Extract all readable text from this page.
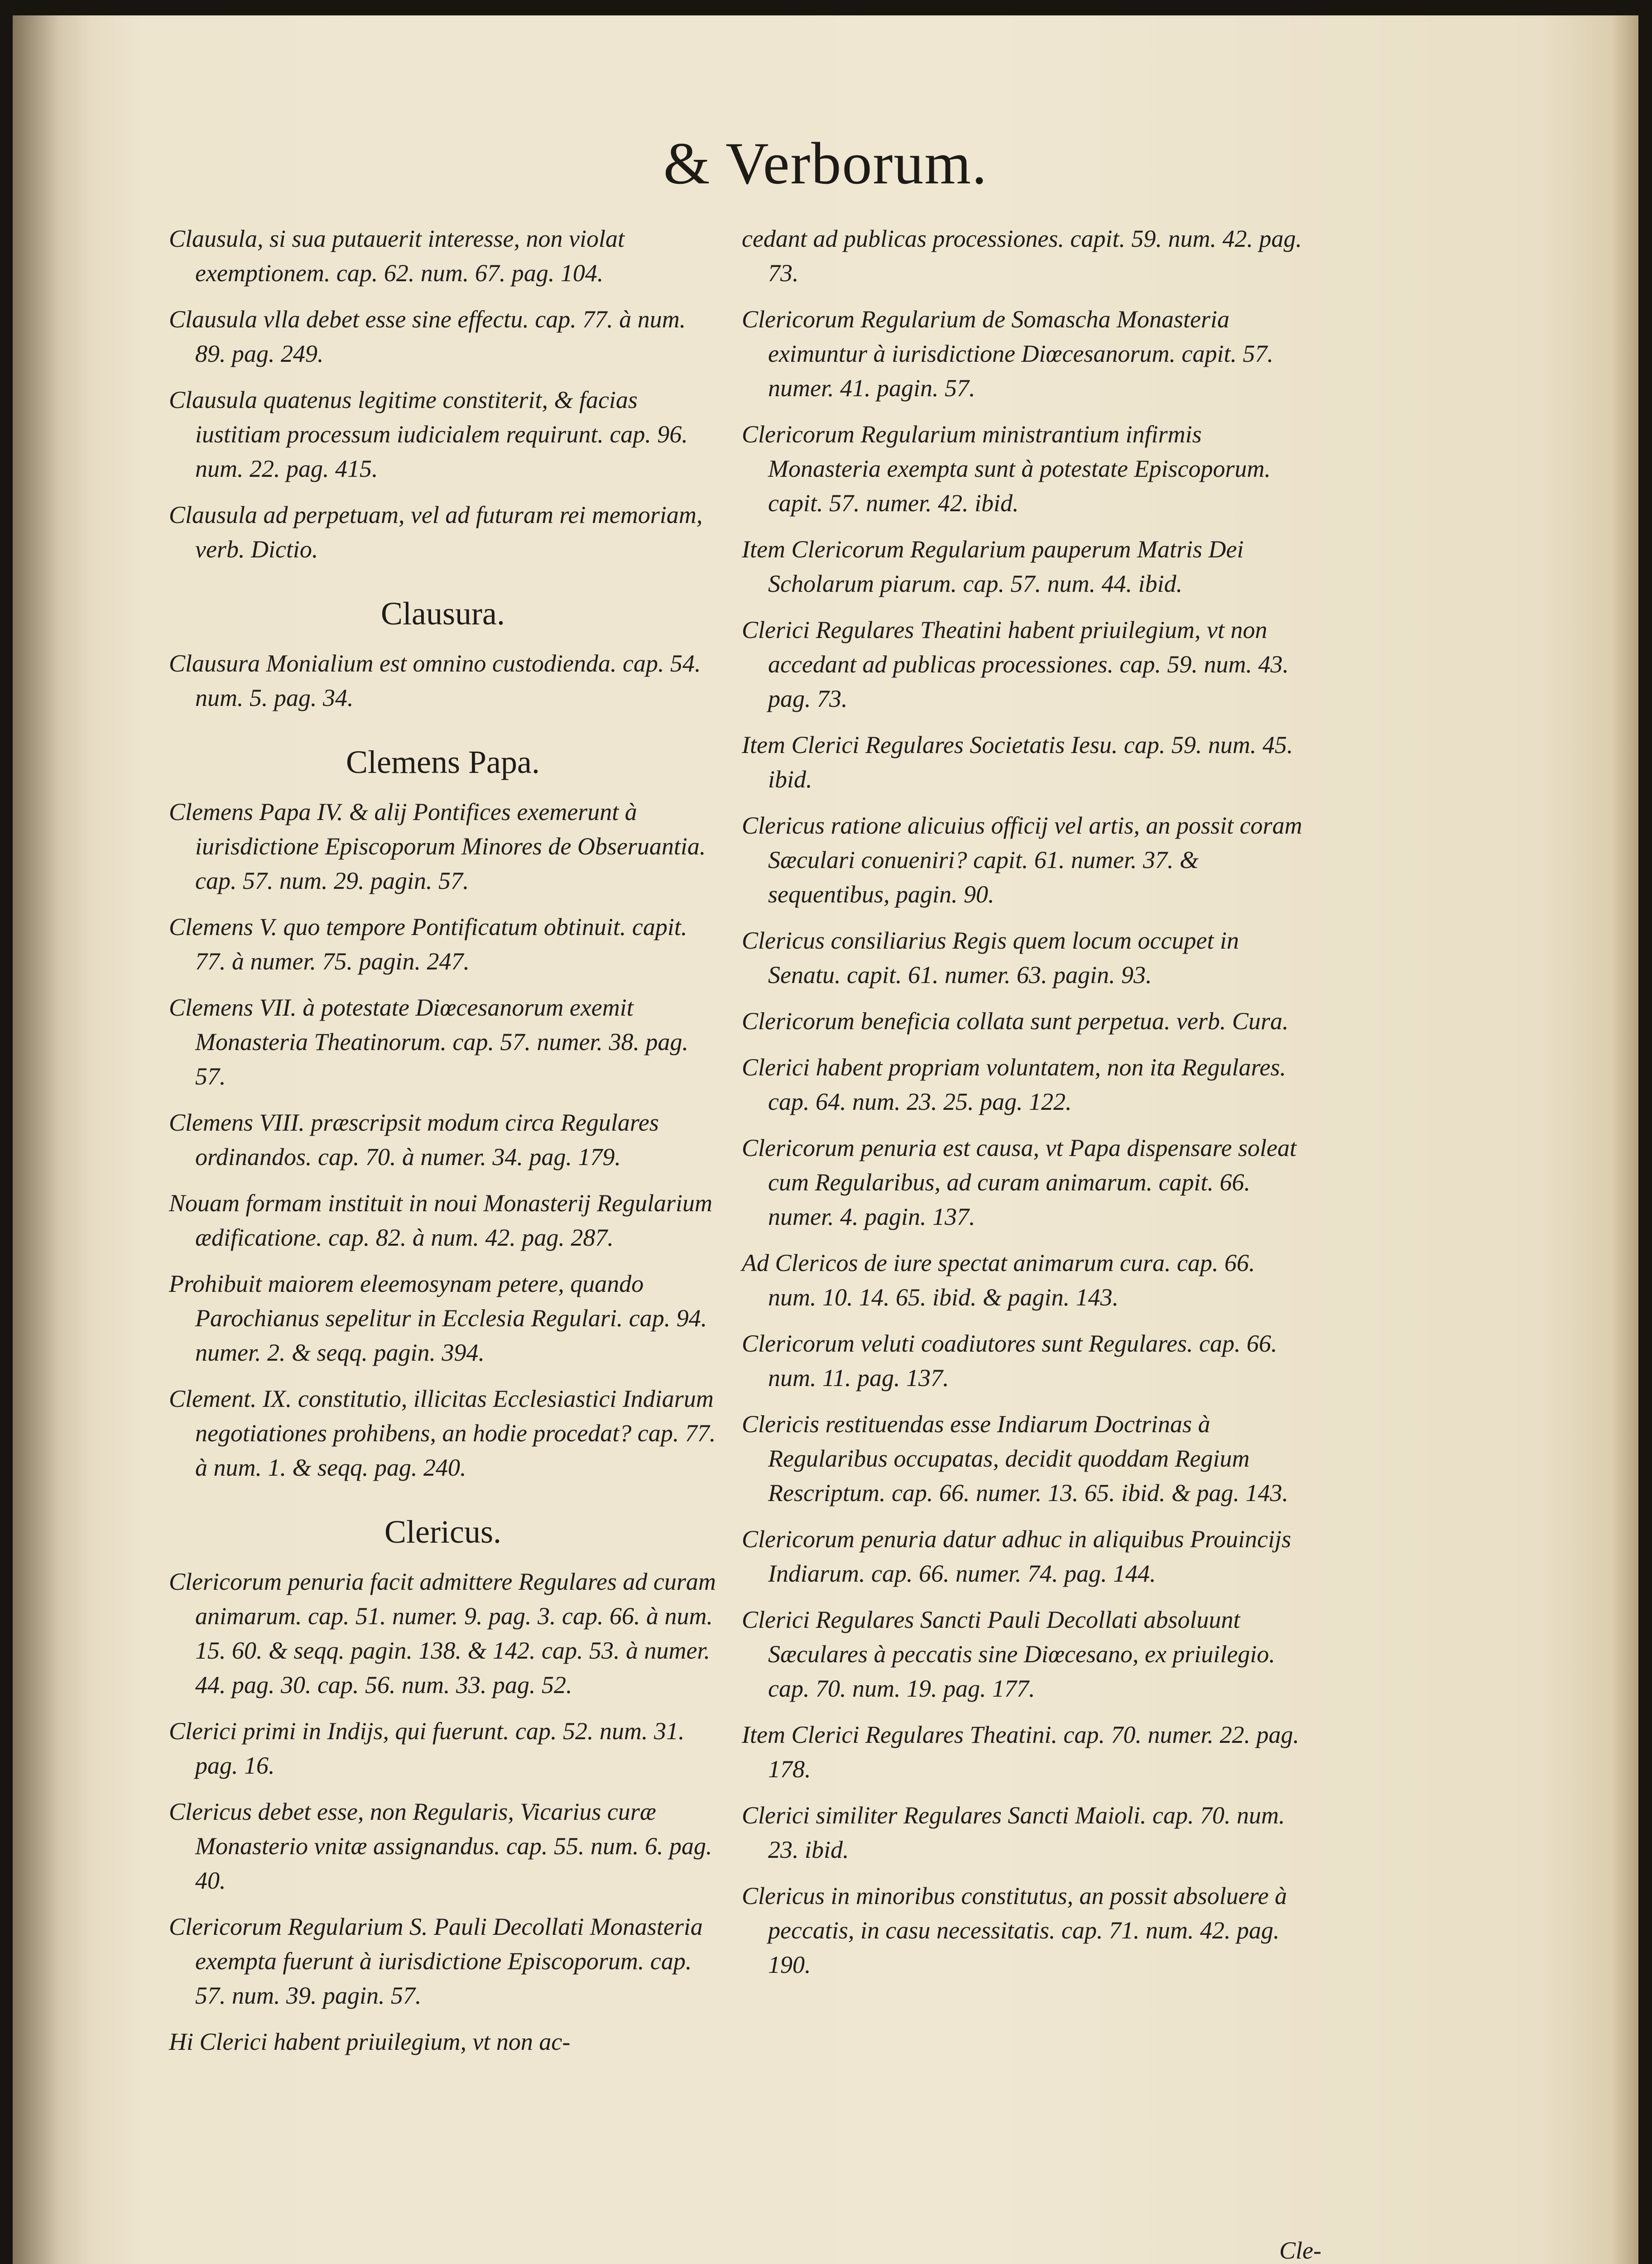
& Verborum.
Clausula, si sua putauerit interesse, non violat exemptionem. cap. 62. num. 67. pag. 104.
Clausula vlla debet esse sine effectu. cap. 77. à num. 89. pag. 249.
Clausula quatenus legitime constiterit, & facias iustitiam processum iudicialem requirunt. cap. 96. num. 22. pag. 415.
Clausula ad perpetuam, vel ad futuram rei memoriam, verb. Dictio.
Clausura.
Clausura Monialium est omnino custodienda. cap. 54. num. 5. pag. 34.
Clemens Papa.
Clemens Papa IV. & alij Pontifices exemerunt à iurisdictione Episcoporum Minores de Obseruantia. cap. 57. num. 29. pagin. 57.
Clemens V. quo tempore Pontificatum obtinuit. capit. 77. à numer. 75. pagin. 247.
Clemens VII. à potestate Diœcesanorum exemit Monasteria Theatinorum. cap. 57. numer. 38. pag. 57.
Clemens VIII. præscripsit modum circa Regulares ordinandos. cap. 70. à numer. 34. pag. 179.
Nouam formam instituit in noui Monasterij Regularium ædificatione. cap. 82. à num. 42. pag. 287.
Prohibuit maiorem eleemosynam petere, quando Parochianus sepelitur in Ecclesia Regulari. cap. 94. numer. 2. & seqq. pagin. 394.
Clement. IX. constitutio, illicitas Ecclesiastici Indiarum negotiationes prohibens, an hodie procedat? cap. 77. à num. 1. & seqq. pag. 240.
Clericus.
Clericorum penuria facit admittere Regulares ad curam animarum. cap. 51. numer. 9. pag. 3. cap. 66. à num. 15. 60. & seqq. pagin. 138. & 142. cap. 53. à numer. 44. pag. 30. cap. 56. num. 33. pag. 52.
Clerici primi in Indijs, qui fuerunt. cap. 52. num. 31. pag. 16.
Clericus debet esse, non Regularis, Vicarius curæ Monasterio vnitæ assignandus. cap. 55. num. 6. pag. 40.
Clericorum Regularium S. Pauli Decollati Monasteria exempta fuerunt à iurisdictione Episcoporum. cap. 57. num. 39. pagin. 57.
Hi Clerici habent priuilegium, vt non ac-
cedant ad publicas processiones. capit. 59. num. 42. pag. 73.
Clericorum Regularium de Somascha Monasteria eximuntur à iurisdictione Diœcesanorum. capit. 57. numer. 41. pagin. 57.
Clericorum Regularium ministrantium infirmis Monasteria exempta sunt à potestate Episcoporum. capit. 57. numer. 42. ibid.
Item Clericorum Regularium pauperum Matris Dei Scholarum piarum. cap. 57. num. 44. ibid.
Clerici Regulares Theatini habent priuilegium, vt non accedant ad publicas processiones. cap. 59. num. 43. pag. 73.
Item Clerici Regulares Societatis Iesu. cap. 59. num. 45. ibid.
Clericus ratione alicuius officij vel artis, an possit coram Sæculari conueniri? capit. 61. numer. 37. & sequentibus, pagin. 90.
Clericus consiliarius Regis quem locum occupet in Senatu. capit. 61. numer. 63. pagin. 93.
Clericorum beneficia collata sunt perpetua. verb. Cura.
Clerici habent propriam voluntatem, non ita Regulares. cap. 64. num. 23. 25. pag. 122.
Clericorum penuria est causa, vt Papa dispensare soleat cum Regularibus, ad curam animarum. capit. 66. numer. 4. pagin. 137.
Ad Clericos de iure spectat animarum cura. cap. 66. num. 10. 14. 65. ibid. & pagin. 143.
Clericorum veluti coadiutores sunt Regulares. cap. 66. num. 11. pag. 137.
Clericis restituendas esse Indiarum Doctrinas à Regularibus occupatas, decidit quoddam Regium Rescriptum. cap. 66. numer. 13. 65. ibid. & pag. 143.
Clericorum penuria datur adhuc in aliquibus Prouincijs Indiarum. cap. 66. numer. 74. pag. 144.
Clerici Regulares Sancti Pauli Decollati absoluunt Sæculares à peccatis sine Diœcesano, ex priuilegio. cap. 70. num. 19. pag. 177.
Item Clerici Regulares Theatini. cap. 70. numer. 22. pag. 178.
Clerici similiter Regulares Sancti Maioli. cap. 70. num. 23. ibid.
Clericus in minoribus constitutus, an possit absoluere à peccatis, in casu necessitatis. cap. 71. num. 42. pag. 190.
Cle-
